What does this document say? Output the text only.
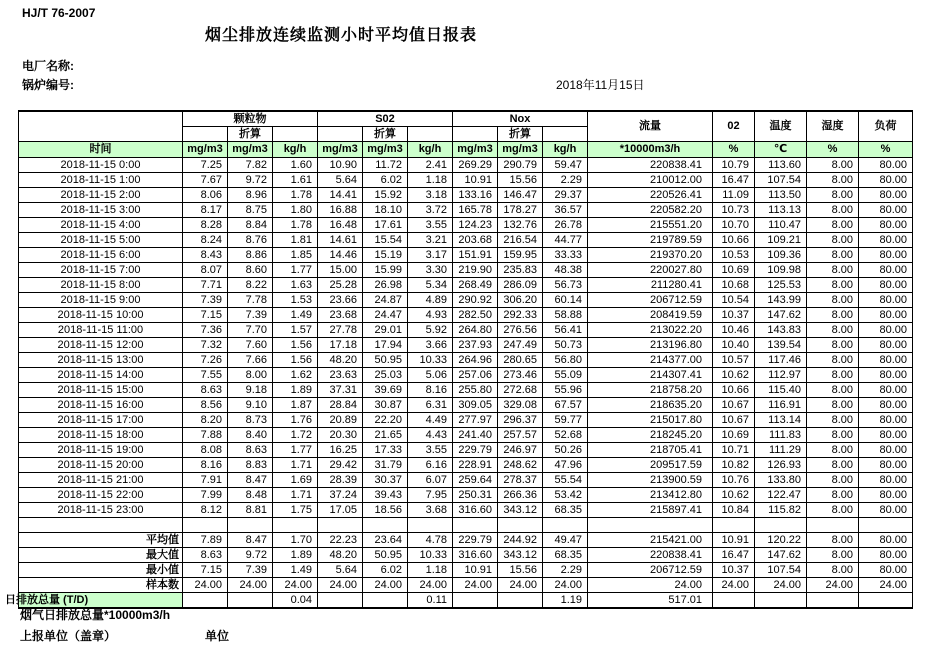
HJ/T 76-2007
烟尘排放连续监测小时平均值日报表
电厂名称:
锅炉编号:	2018年11月15日
	颗粒物			S02			Nox			流量	02	温度	湿度	负荷
		折算			折算			折算						
时间	mg/m3	mg/m3	kg/h	mg/m3	mg/m3	kg/h	mg/m3	mg/m3	kg/h	*10000m3/h	%	℃	%	%
2018-11-15 0:00	7.25	7.82	1.60	10.90	11.72	2.41	269.29	290.79	59.47	220838.41	10.79	113.60	8.00	80.00
2018-11-15 1:00	7.67	9.72	1.61	5.64	6.02	1.18	10.91	15.56	2.29	210012.00	16.47	107.54	8.00	80.00
2018-11-15 2:00	8.06	8.96	1.78	14.41	15.92	3.18	133.16	146.47	29.37	220526.41	11.09	113.50	8.00	80.00
2018-11-15 3:00	8.17	8.75	1.80	16.88	18.10	3.72	165.78	178.27	36.57	220582.20	10.73	113.13	8.00	80.00
2018-11-15 4:00	8.28	8.84	1.78	16.48	17.61	3.55	124.23	132.76	26.78	215551.20	10.70	110.47	8.00	80.00
2018-11-15 5:00	8.24	8.76	1.81	14.61	15.54	3.21	203.68	216.54	44.77	219789.59	10.66	109.21	8.00	80.00
2018-11-15 6:00	8.43	8.86	1.85	14.46	15.19	3.17	151.91	159.95	33.33	219370.20	10.53	109.36	8.00	80.00
2018-11-15 7:00	8.07	8.60	1.77	15.00	15.99	3.30	219.90	235.83	48.38	220027.80	10.69	109.98	8.00	80.00
2018-11-15 8:00	7.71	8.22	1.63	25.28	26.98	5.34	268.49	286.09	56.73	211280.41	10.68	125.53	8.00	80.00
2018-11-15 9:00	7.39	7.78	1.53	23.66	24.87	4.89	290.92	306.20	60.14	206712.59	10.54	143.99	8.00	80.00
2018-11-15 10:00	7.15	7.39	1.49	23.68	24.47	4.93	282.50	292.33	58.88	208419.59	10.37	147.62	8.00	80.00
2018-11-15 11:00	7.36	7.70	1.57	27.78	29.01	5.92	264.80	276.56	56.41	213022.20	10.46	143.83	8.00	80.00
2018-11-15 12:00	7.32	7.60	1.56	17.18	17.94	3.66	237.93	247.49	50.73	213196.80	10.40	139.54	8.00	80.00
2018-11-15 13:00	7.26	7.66	1.56	48.20	50.95	10.33	264.96	280.65	56.80	214377.00	10.57	117.46	8.00	80.00
2018-11-15 14:00	7.55	8.00	1.62	23.63	25.03	5.06	257.06	273.46	55.09	214307.41	10.62	112.97	8.00	80.00
2018-11-15 15:00	8.63	9.18	1.89	37.31	39.69	8.16	255.80	272.68	55.96	218758.20	10.66	115.40	8.00	80.00
2018-11-15 16:00	8.56	9.10	1.87	28.84	30.87	6.31	309.05	329.08	67.57	218635.20	10.67	116.91	8.00	80.00
2018-11-15 17:00	8.20	8.73	1.76	20.89	22.20	4.49	277.97	296.37	59.77	215017.80	10.67	113.14	8.00	80.00
2018-11-15 18:00	7.88	8.40	1.72	20.30	21.65	4.43	241.40	257.57	52.68	218245.20	10.69	111.83	8.00	80.00
2018-11-15 19:00	8.08	8.63	1.77	16.25	17.33	3.55	229.79	246.97	50.26	218705.41	10.71	111.29	8.00	80.00
2018-11-15 20:00	8.16	8.83	1.71	29.42	31.79	6.16	228.91	248.62	47.96	209517.59	10.82	126.93	8.00	80.00
2018-11-15 21:00	7.91	8.47	1.69	28.39	30.37	6.07	259.64	278.37	55.54	213900.59	10.76	133.80	8.00	80.00
2018-11-15 22:00	7.99	8.48	1.71	37.24	39.43	7.95	250.31	266.36	53.42	213412.80	10.62	122.47	8.00	80.00
2018-11-15 23:00	8.12	8.81	1.75	17.05	18.56	3.68	316.60	343.12	68.35	215897.41	10.84	115.82	8.00	80.00

平均值	7.89	8.47	1.70	22.23	23.64	4.78	229.79	244.92	49.47	215421.00	10.91	120.22	8.00	80.00
最大值	8.63	9.72	1.89	48.20	50.95	10.33	316.60	343.12	68.35	220838.41	16.47	147.62	8.00	80.00
最小值	7.15	7.39	1.49	5.64	6.02	1.18	10.91	15.56	2.29	206712.59	10.37	107.54	8.00	80.00
样本数	24.00	24.00	24.00	24.00	24.00	24.00	24.00	24.00	24.00	24.00	24.00	24.00	24.00	24.00
日排放总量 (T/D)			0.04			0.11			1.19	517.01				
烟气日排放总量*10000m3/h
上报单位（盖章）	单位
